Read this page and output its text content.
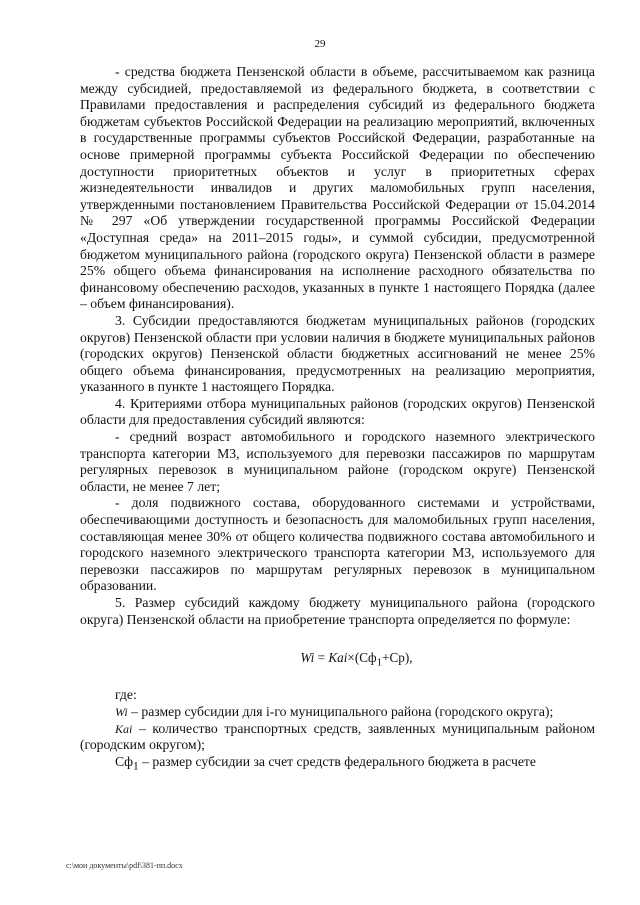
29

- средства бюджета Пензенской области в объеме, рассчитываемом как разница между субсидией, предоставляемой из федерального бюджета, в соответствии с Правилами предоставления и распределения субсидий из федерального бюджета бюджетам субъектов Российской Федерации на реализацию мероприятий, включенных в государственные программы субъектов Российской Федерации, разработанные на основе примерной программы субъекта Российской Федерации по обеспечению доступности приоритетных объектов и услуг в приоритетных сферах жизнедеятельности инвалидов и других маломобильных групп населения, утвержденными постановлением Правительства Российской Федерации от 15.04.2014 № 297 «Об утверждении государственной программы Российской Федерации «Доступная среда» на 2011–2015 годы», и суммой субсидии, предусмотренной бюджетом муниципального района (городского округа) Пензенской области в размере 25% общего объема финансирования на исполнение расходного обязательства по финансовому обеспечению расходов, указанных в пункте 1 настоящего Порядка (далее – объем финансирования).

3. Субсидии предоставляются бюджетам муниципальных районов (городских округов) Пензенской области при условии наличия в бюджете муниципальных районов (городских округов) Пензенской области бюджетных ассигнований не менее 25% общего объема финансирования, предусмотренных на реализацию мероприятия, указанного в пункте 1 настоящего Порядка.

4. Критериями отбора муниципальных районов (городских округов) Пензенской области для предоставления субсидий являются:

- средний возраст автомобильного и городского наземного электрического транспорта категории М3, используемого для перевозки пассажиров по маршрутам регулярных перевозок в муниципальном районе (городском округе) Пензенской области, не менее 7 лет;

- доля подвижного состава, оборудованного системами и устройствами, обеспечивающими доступность и безопасность для маломобильных групп населения, составляющая менее 30% от общего количества подвижного состава автомобильного и городского наземного электрического транспорта категории М3, используемого для перевозки пассажиров по маршрутам регулярных перевозок в муниципальном образовании.

5. Размер субсидий каждому бюджету муниципального района (городского округа) Пензенской области на приобретение транспорта определяется по формуле:

$Wi = Kai\times(Сф_1+Ср)$,

где:

Wi – размер субсидии для i-го муниципального района (городского округа);

Kai – количество транспортных средств, заявленных муниципальным районом (городским округом);

$Сф_1$ – размер субсидии за счет средств федерального бюджета в расчете

c:\мои документы\pdf\381-пп.docx
